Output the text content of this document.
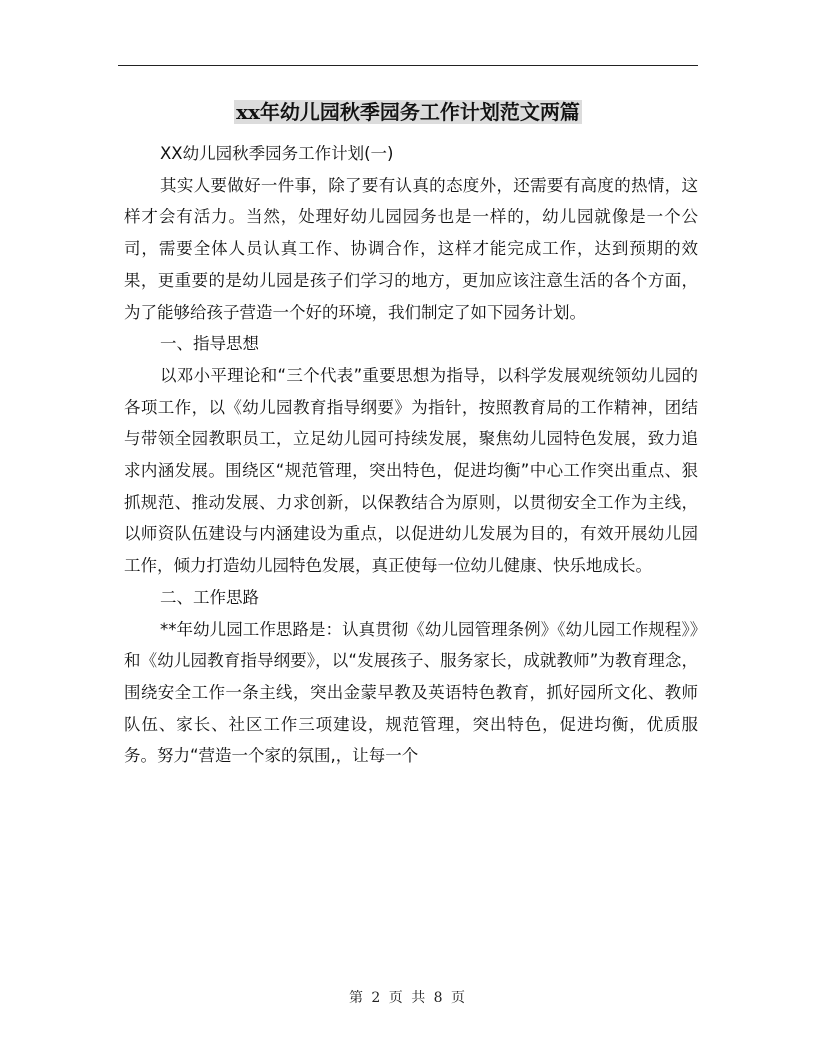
xx年幼儿园秋季园务工作计划范文两篇

XX幼儿园秋季园务工作计划(一)

其实人要做好一件事，除了要有认真的态度外，还需要有高度的热情，这样才会有活力。当然，处理好幼儿园园务也是一样的，幼儿园就像是一个公司，需要全体人员认真工作、协调合作，这样才能完成工作，达到预期的效果，更重要的是幼儿园是孩子们学习的地方，更加应该注意生活的各个方面，为了能够给孩子营造一个好的环境，我们制定了如下园务计划。

一、指导思想

以邓小平理论和“三个代表”重要思想为指导，以科学发展观统领幼儿园的各项工作，以《幼儿园教育指导纲要》为指针，按照教育局的工作精神，团结与带领全园教职员工，立足幼儿园可持续发展，聚焦幼儿园特色发展，致力追求内涵发展。围绕区“规范管理，突出特色，促进均衡”中心工作突出重点、狠抓规范、推动发展、力求创新，以保教结合为原则，以贯彻安全工作为主线，以师资队伍建设与内涵建设为重点，以促进幼儿发展为目的，有效开展幼儿园工作，倾力打造幼儿园特色发展，真正使每一位幼儿健康、快乐地成长。

二、工作思路

**年幼儿园工作思路是：认真贯彻《幼儿园管理条例》《幼儿园工作规程》》和《幼儿园教育指导纲要》，以“发展孩子、服务家长，成就教师”为教育理念，围绕安全工作一条主线，突出金蒙早教及英语特色教育，抓好园所文化、教师队伍、家长、社区工作三项建设，规范管理，突出特色，促进均衡，优质服务。努力“营造一个家的氛围,，让每一个

第 2 页 共 8 页
